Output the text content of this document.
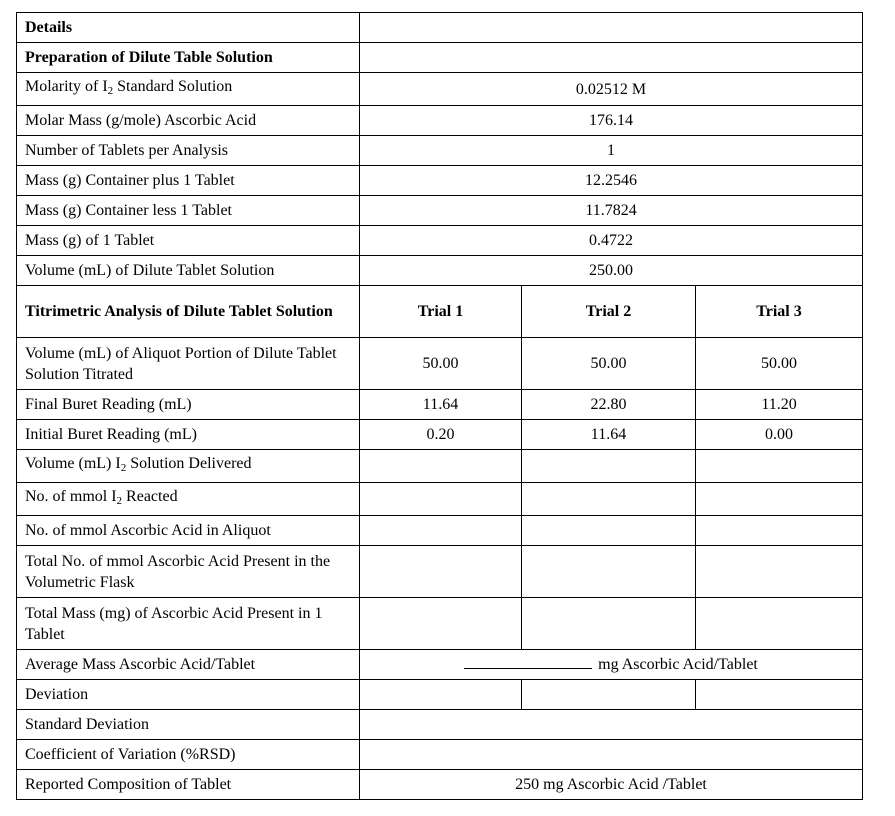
Details			
Preparation of Dilute Table Solution			
Molarity of $I_2$ Standard Solution	0.02512 M		
Molar Mass (g/mole) Ascorbic Acid	176.14		
Number of Tablets per Analysis	1		
Mass (g) Container plus 1 Tablet	12.2546		
Mass (g) Container less 1 Tablet	11.7824		
Mass (g) of 1 Tablet	0.4722		
Volume (mL) of Dilute Tablet Solution	250.00		
Titrimetric Analysis of Dilute Tablet Solution	Trial 1	Trial 2	Trial 3
Volume (mL) of Aliquot Portion of Dilute Tablet Solution Titrated	50.00	50.00	50.00
Final Buret Reading (mL)	11.64	22.80	11.20
Initial Buret Reading (mL)	0.20	11.64	0.00
Volume (mL) $I_2$ Solution Delivered			
No. of mmol $I_2$ Reacted			
No. of mmol Ascorbic Acid in Aliquot			
Total No. of mmol Ascorbic Acid Present in the Volumetric Flask			
Total Mass (mg) of Ascorbic Acid Present in 1 Tablet			
Average Mass Ascorbic Acid/Tablet	mg Ascorbic Acid/Tablet		
Deviation			
Standard Deviation			
Coefficient of Variation (%RSD)			
Reported Composition of Tablet	250 mg Ascorbic Acid /Tablet		
